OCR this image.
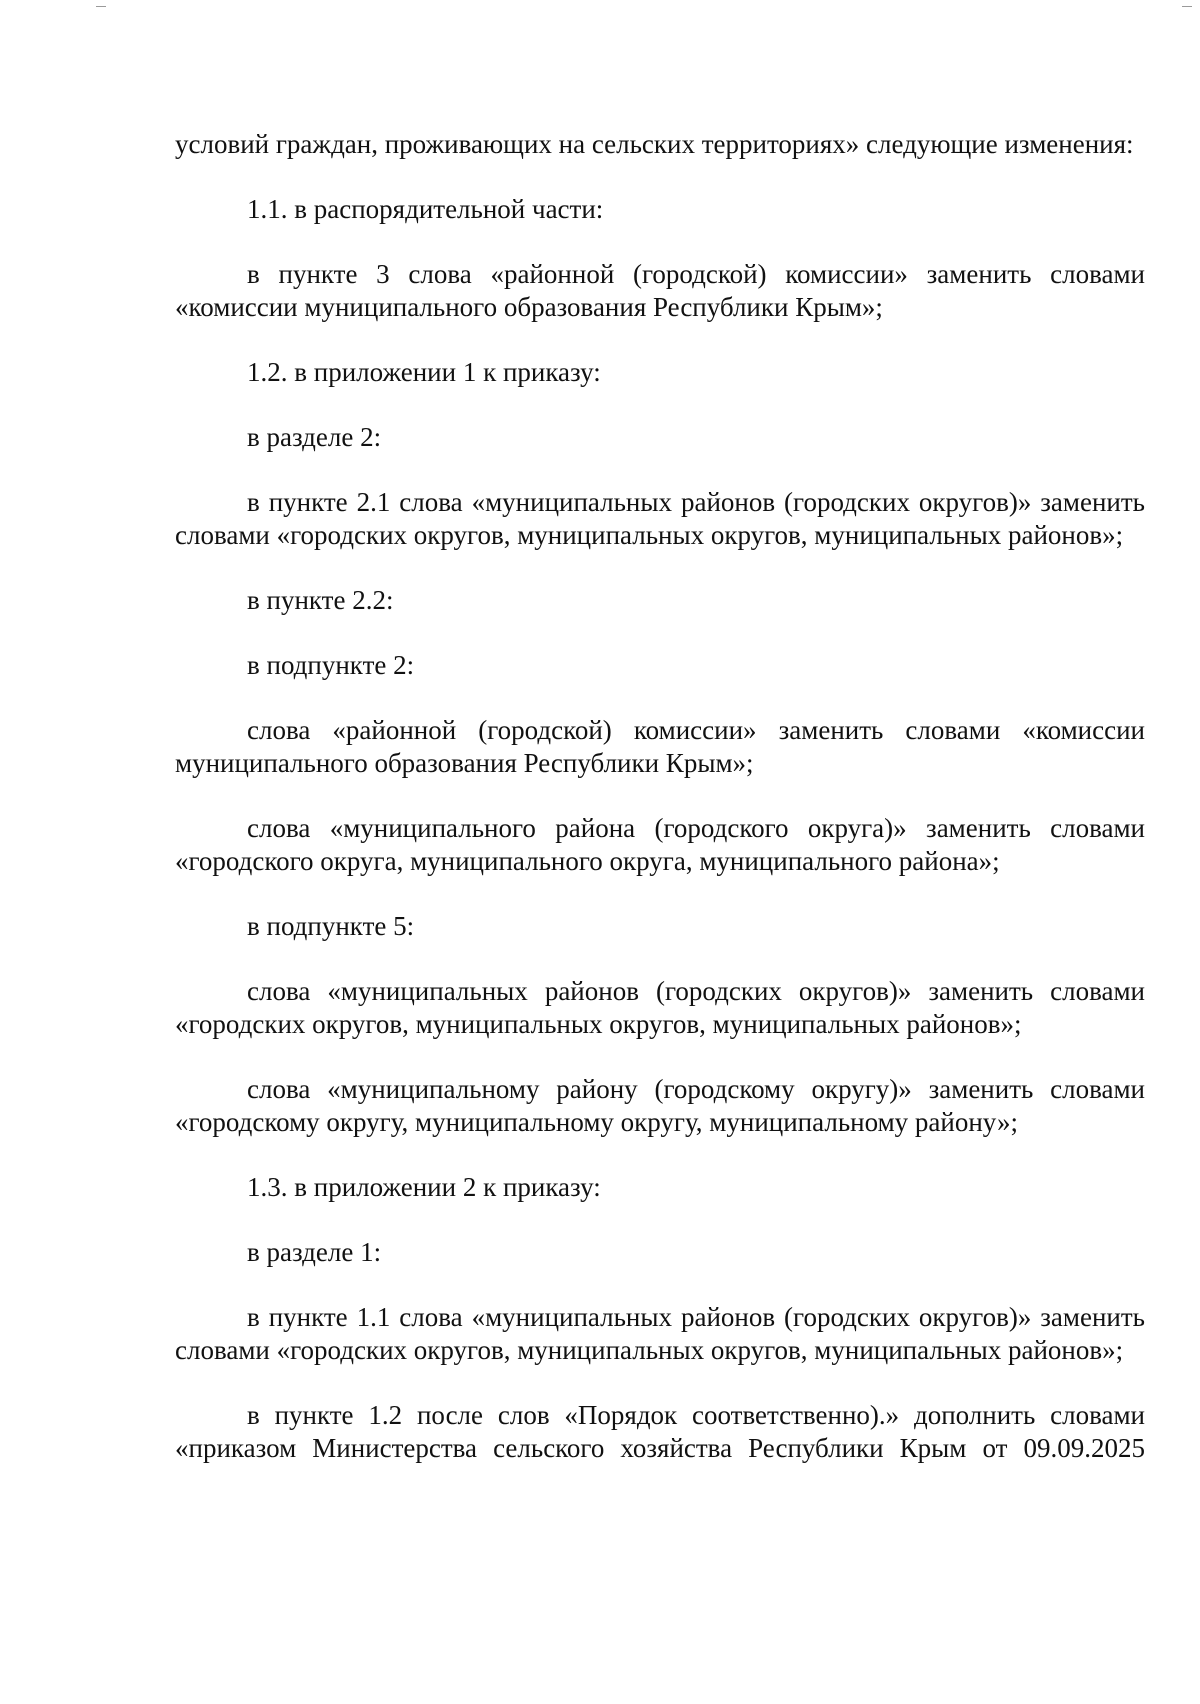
условий граждан, проживающих на сельских территориях» следующие изменения:

1.1. в распорядительной части:

в пункте 3 слова «районной (городской) комиссии» заменить словами «комиссии муниципального образования Республики Крым»;

1.2. в приложении 1 к приказу:

в разделе 2:

в пункте 2.1 слова «муниципальных районов (городских округов)» заменить словами «городских округов, муниципальных округов, муниципальных районов»;

в пункте 2.2:

в подпункте 2:

слова «районной (городской) комиссии» заменить словами «комиссии муниципального образования Республики Крым»;

слова «муниципального района (городского округа)» заменить словами «городского округа, муниципального округа, муниципального района»;

в подпункте 5:

слова «муниципальных районов (городских округов)» заменить словами «городских округов, муниципальных округов, муниципальных районов»;

слова «муниципальному району (городскому округу)» заменить словами «городскому округу, муниципальному округу, муниципальному району»;

1.3. в приложении 2 к приказу:

в разделе 1:

в пункте 1.1 слова «муниципальных районов (городских округов)» заменить словами «городских округов, муниципальных округов, муниципальных районов»;

в пункте 1.2 после слов «Порядок соответственно).» дополнить словами «приказом Министерства сельского хозяйства Республики Крым от 09.09.2025
